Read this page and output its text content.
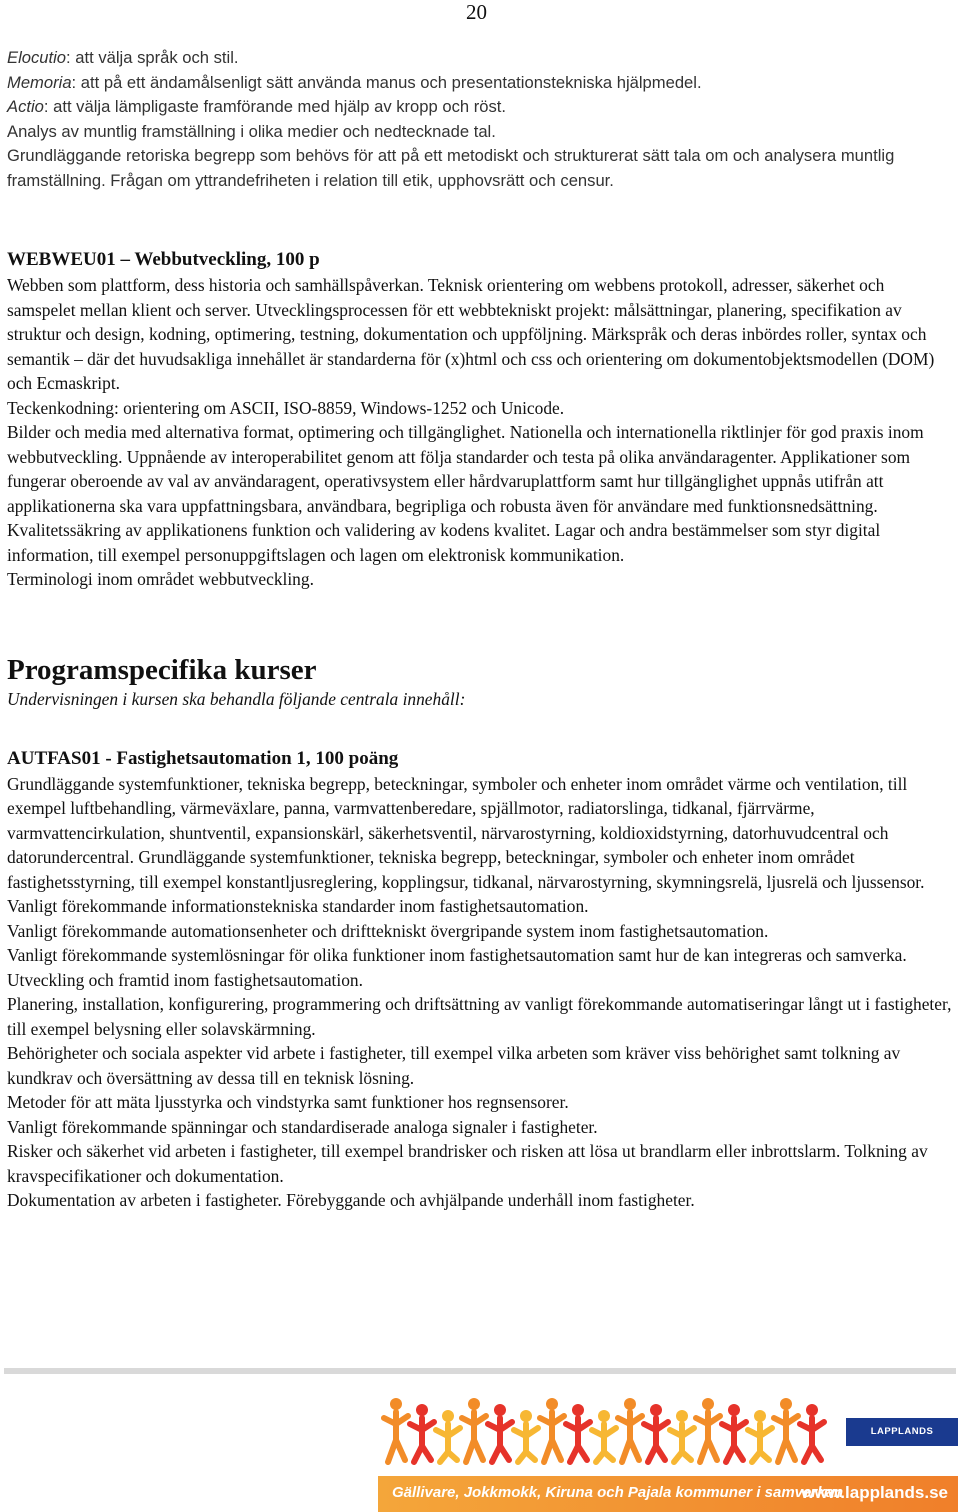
20

Elocutio: att välja språk och stil.

Memoria: att på ett ändamålsenligt sätt använda manus och presentationstekniska hjälpmedel.

Actio: att välja lämpligaste framförande med hjälp av kropp och röst.

Analys av muntlig framställning i olika medier och nedtecknade tal.

Grundläggande retoriska begrepp som behövs för att på ett metodiskt och strukturerat sätt tala om och analysera muntlig framställning. Frågan om yttrandefriheten i relation till etik, upphovsrätt och censur.

WEBWEU01 – Webbutveckling, 100 p

Webben som plattform, dess historia och samhällspåverkan. Teknisk orientering om webbens protokoll, adresser, säkerhet och samspelet mellan klient och server. Utvecklingsprocessen för ett webbtekniskt projekt: målsättningar, planering, specifikation av struktur och design, kodning, optimering, testning, dokumentation och uppföljning. Märkspråk och deras inbördes roller, syntax och semantik – där det huvudsakliga innehållet är standarderna för (x)html och css och orientering om dokumentobjektsmodellen (DOM) och Ecmaskript.

Teckenkodning: orientering om ASCII, ISO-8859, Windows-1252 och Unicode.

Bilder och media med alternativa format, optimering och tillgänglighet. Nationella och internationella riktlinjer för god praxis inom webbutveckling. Uppnående av interoperabilitet genom att följa standarder och testa på olika användaragenter. Applikationer som fungerar oberoende av val av användaragent, operativsystem eller hårdvaruplattform samt hur tillgänglighet uppnås utifrån att applikationerna ska vara uppfattningsbara, användbara, begripliga och robusta även för användare med funktionsnedsättning.

Kvalitetssäkring av applikationens funktion och validering av kodens kvalitet. Lagar och andra bestämmelser som styr digital information, till exempel personuppgiftslagen och lagen om elektronisk kommunikation.

Terminologi inom området webbutveckling.

Programspecifika kurser

Undervisningen i kursen ska behandla följande centrala innehåll:

AUTFAS01 - Fastighetsautomation 1, 100 poäng

Grundläggande systemfunktioner, tekniska begrepp, beteckningar, symboler och enheter inom området värme och ventilation, till exempel luftbehandling, värmeväxlare, panna, varmvattenberedare, spjällmotor, radiatorslinga, tidkanal, fjärrvärme, varmvattencirkulation, shuntventil, expansionskärl, säkerhetsventil, närvarostyrning, koldioxidstyrning, datorhuvudcentral och datorundercentral. Grundläggande systemfunktioner, tekniska begrepp, beteckningar, symboler och enheter inom området fastighetsstyrning, till exempel konstantljusreglering, kopplingsur, tidkanal, närvarostyrning, skymningsrelä, ljusrelä och ljussensor. Vanligt förekommande informationstekniska standarder inom fastighetsautomation.

Vanligt förekommande automationsenheter och drifttekniskt övergripande system inom fastighetsautomation.

Vanligt förekommande systemlösningar för olika funktioner inom fastighetsautomation samt hur de kan integreras och samverka. Utveckling och framtid inom fastighetsautomation.

Planering, installation, konfigurering, programmering och driftsättning av vanligt förekommande automatiseringar långt ut i fastigheter, till exempel belysning eller solavskärmning.

Behörigheter och sociala aspekter vid arbete i fastigheter, till exempel vilka arbeten som kräver viss behörighet samt tolkning av kundkrav och översättning av dessa till en teknisk lösning.

Metoder för att mäta ljusstyrka och vindstyrka samt funktioner hos regnsensorer.

Vanligt förekommande spänningar och standardiserade analoga signaler i fastigheter.

Risker och säkerhet vid arbeten i fastigheter, till exempel brandrisker och risken att lösa ut brandlarm eller inbrottslarm. Tolkning av kravspecifikationer och dokumentation.

Dokumentation av arbeten i fastigheter. Förebyggande och avhjälpande underhåll inom fastigheter.

LAPPLANDS GYMNASIUM
Gällivare, Jokkmokk, Kiruna och Pajala kommuner i samverkan
www.lapplands.se
